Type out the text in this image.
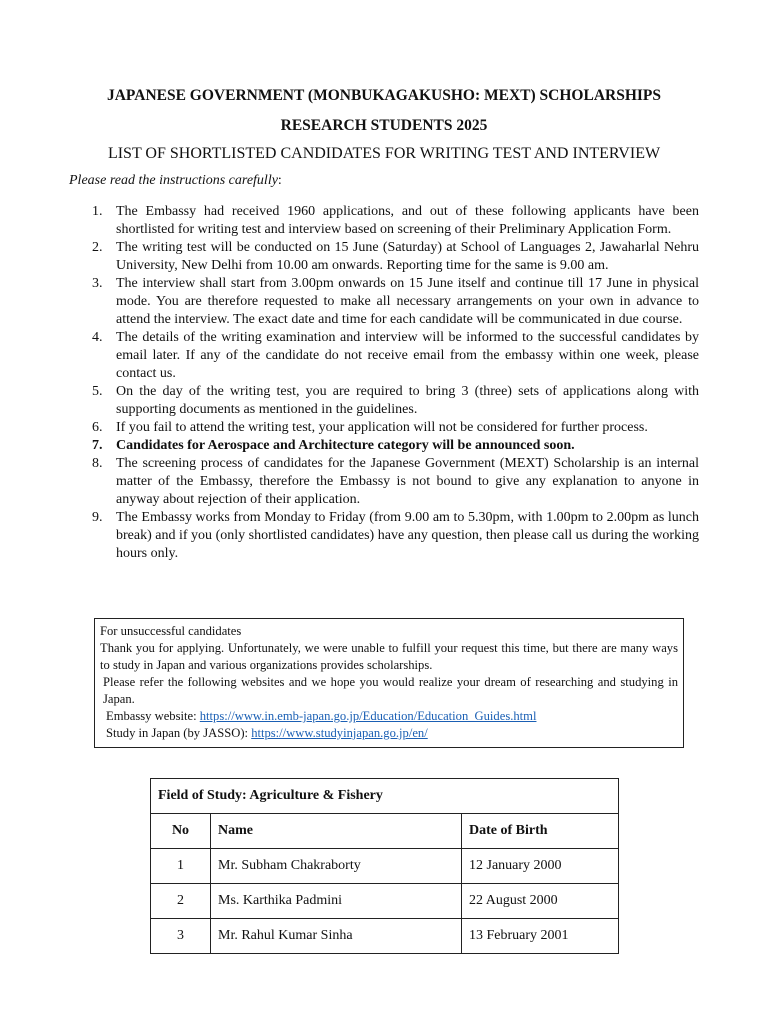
JAPANESE GOVERNMENT (MONBUKAGAKUSHO: MEXT) SCHOLARSHIPS
RESEARCH STUDENTS 2025
LIST OF SHORTLISTED CANDIDATES FOR WRITING TEST AND INTERVIEW
Please read the instructions carefully:
1. The Embassy had received 1960 applications, and out of these following applicants have been shortlisted for writing test and interview based on screening of their Preliminary Application Form.
2. The writing test will be conducted on 15 June (Saturday) at School of Languages 2, Jawaharlal Nehru University, New Delhi from 10.00 am onwards. Reporting time for the same is 9.00 am.
3. The interview shall start from 3.00pm onwards on 15 June itself and continue till 17 June in physical mode. You are therefore requested to make all necessary arrangements on your own in advance to attend the interview. The exact date and time for each candidate will be communicated in due course.
4. The details of the writing examination and interview will be informed to the successful candidates by email later. If any of the candidate do not receive email from the embassy within one week, please contact us.
5. On the day of the writing test, you are required to bring 3 (three) sets of applications along with supporting documents as mentioned in the guidelines.
6. If you fail to attend the writing test, your application will not be considered for further process.
7. Candidates for Aerospace and Architecture category will be announced soon.
8. The screening process of candidates for the Japanese Government (MEXT) Scholarship is an internal matter of the Embassy, therefore the Embassy is not bound to give any explanation to anyone in anyway about rejection of their application.
9. The Embassy works from Monday to Friday (from 9.00 am to 5.30pm, with 1.00pm to 2.00pm as lunch break) and if you (only shortlisted candidates) have any question, then please call us during the working hours only.
For unsuccessful candidates
Thank you for applying. Unfortunately, we were unable to fulfill your request this time, but there are many ways to study in Japan and various organizations provides scholarships.
Please refer the following websites and we hope you would realize your dream of researching and studying in Japan.
Embassy website: https://www.in.emb-japan.go.jp/Education/Education_Guides.html
Study in Japan (by JASSO): https://www.studyinjapan.go.jp/en/
Field of Study: Agriculture & Fishery		
No	Name	Date of Birth
1	Mr. Subham Chakraborty	12 January 2000
2	Ms. Karthika Padmini	22 August 2000
3	Mr. Rahul Kumar Sinha	13 February 2001
